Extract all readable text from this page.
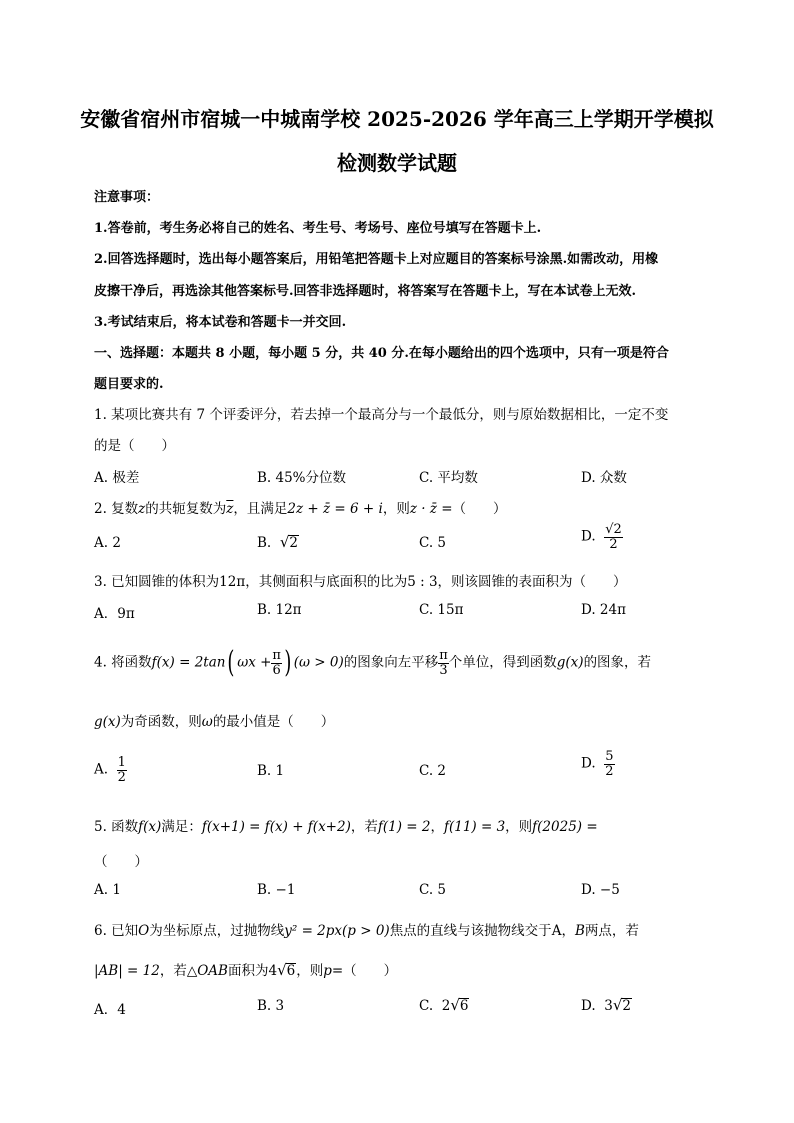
安徽省宿州市宿城一中城南学校 2025-2026 学年高三上学期开学模拟
检测数学试题
注意事项：
1.答卷前，考生务必将自己的姓名、考生号、考场号、座位号填写在答题卡上.
2.回答选择题时，选出每小题答案后，用铅笔把答题卡上对应题目的答案标号涂黑.如需改动，用橡
皮擦干净后，再选涂其他答案标号.回答非选择题时，将答案写在答题卡上，写在本试卷上无效.
3.考试结束后，将本试卷和答题卡一并交回.
一、选择题：本题共 8 小题，每小题 5 分，共 40 分.在每小题给出的四个选项中，只有一项是符合
题目要求的.
1. 某项比赛共有 7 个评委评分，若去掉一个最高分与一个最低分，则与原始数据相比，一定不变
的是（　　）
A. 极差	B. 45%分位数	C. 平均数	D. 众数
2. 复数z的共轭复数为$\overline{z}$，且满足2z + z̄ = 6 + i，则z · z̄ =（　　）
A. 2	B. √2	C. 5	D. $\frac{√2}{2}$
3. 已知圆锥的体积为12π，其侧面积与底面积的比为5 : 3，则该圆锥的表面积为（　　）
A．9π	B. 12π	C. 15π	D. 24π
4. 将函数f(x) = 2tan( $\omega x + \frac{\pi}{6}$ ) (ω > 0)的图象向左平移 $\frac{\pi}{3}$ 个单位，得到函数g(x)的图象，若
g(x)为奇函数，则ω的最小值是（　　）
A. $\frac{1}{2}$	B. 1	C. 2	D. $\frac{5}{2}$
5. 函数f(x)满足：f(x+1) = f(x) + f(x+2)，若f(1) = 2，f(11) = 3，则f(2025) =
（　　）
A. 1	B. −1	C. 5	D. −5
6. 已知O为坐标原点，过抛物线y² = 2px(p > 0)焦点的直线与该抛物线交于A，B两点，若
|AB| = 12，若△OAB面积为4√6，则p=（　　）
A．4	B. 3	C. 2√6	D. 3√2
